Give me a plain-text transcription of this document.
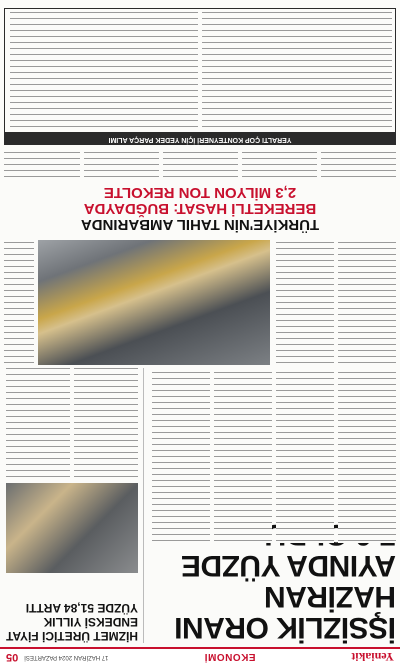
Yeniakit
EKONOMİ
17 HAZİRAN 2024 PAZARTESİ
05
İŞSİZLİK ORANI HAZİRAN AYINDA YÜZDE
HİZMET ÜRETİCİ FİYAT ENDEKSİ YILLIK YÜZDE 51,84 ARTTI
TÜRKİYE'NİN TAHIL AMBARINDA
BEREKETLİ HASAT: BUĞDAYDA
2,3 MİLYON TON REKOLTE
YERALTI ÇOP KONTEYNERİ İÇİN YEDEK PARÇA ALIMI
